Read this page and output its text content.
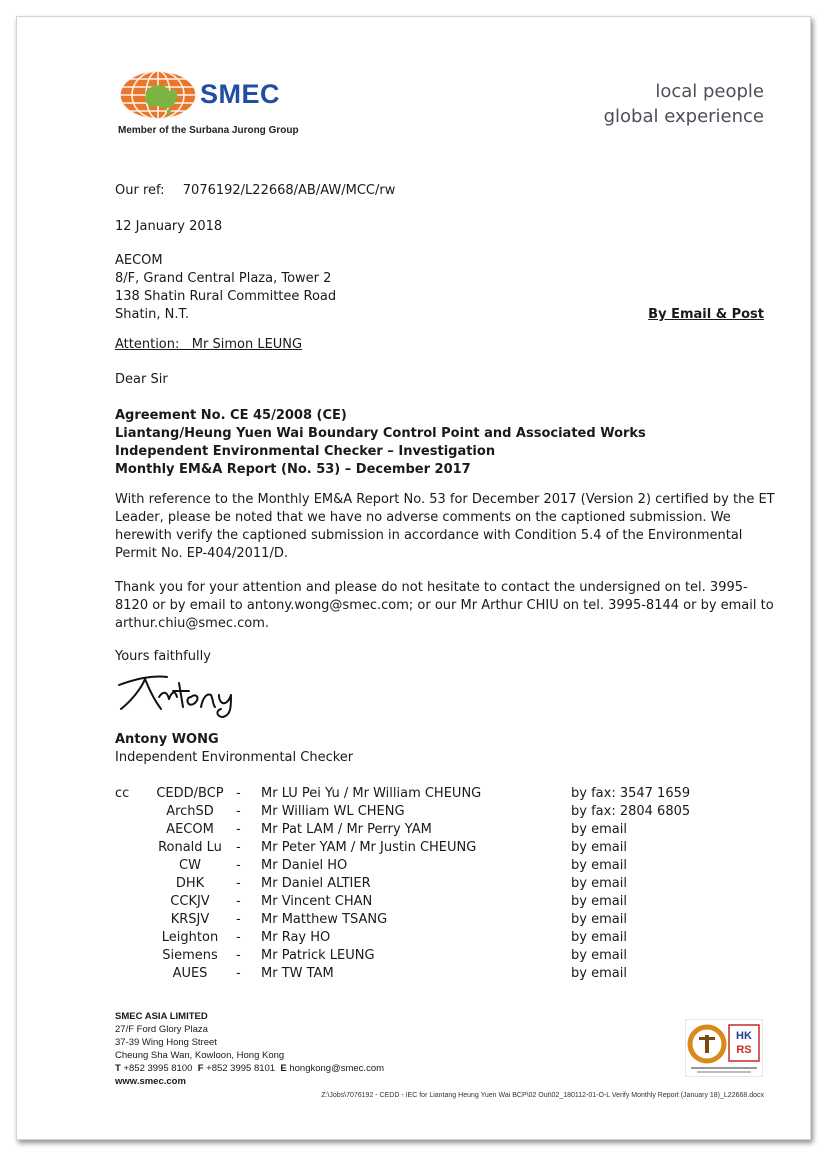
SMEC
Member of the Surbana Jurong Group
local people
global experience
Our ref: 7076192/L22668/AB/AW/MCC/rw
12 January 2018
AECOM
8/F, Grand Central Plaza, Tower 2
138 Shatin Rural Committee Road
Shatin, N.T.	By Email & Post
Attention:   Mr Simon LEUNG
Dear Sir
Agreement No. CE 45/2008 (CE)
Liantang/Heung Yuen Wai Boundary Control Point and Associated Works
Independent Environmental Checker – Investigation
Monthly EM&A Report (No. 53) – December 2017
With reference to the Monthly EM&A Report No. 53 for December 2017 (Version 2) certified by the ET Leader, please be noted that we have no adverse comments on the captioned submission. We herewith verify the captioned submission in accordance with Condition 5.4 of the Environmental Permit No. EP-404/2011/D.
Thank you for your attention and please do not hesitate to contact the undersigned on tel. 3995-8120 or by email to antony.wong@smec.com; or our Mr Arthur CHIU on tel. 3995-8144 or by email to arthur.chiu@smec.com.
Yours faithfully
Antony WONG
Independent Environmental Checker
cc	CEDD/BCP - Mr LU Pei Yu / Mr William CHEUNG	by fax: 3547 1659
ArchSD	- Mr William WL CHENG	by fax: 2804 6805
AECOM	- Mr Pat LAM / Mr Perry YAM	by email
Ronald Lu	- Mr Peter YAM / Mr Justin CHEUNG	by email
CW	- Mr Daniel HO	by email
DHK	- Mr Daniel ALTIER	by email
CCKJV	- Mr Vincent CHAN	by email
KRSJV	- Mr Matthew TSANG	by email
Leighton	- Mr Ray HO	by email
Siemens	- Mr Patrick LEUNG	by email
AUES	- Mr TW TAM	by email
SMEC ASIA LIMITED
27/F Ford Glory Plaza
37-39 Wing Hong Street
Cheung Sha Wan, Kowloon, Hong Kong
T +852 3995 8100 F +852 3995 8101 E hongkong@smec.com
www.smec.com
HK
RS
Z:\Jobs\7076192 - CEDD - IEC for Liantang Heung Yuen Wai BCP\02 Out\02_180112-01-O-L Verify Monthly Report (January 18)_L22668.docx
